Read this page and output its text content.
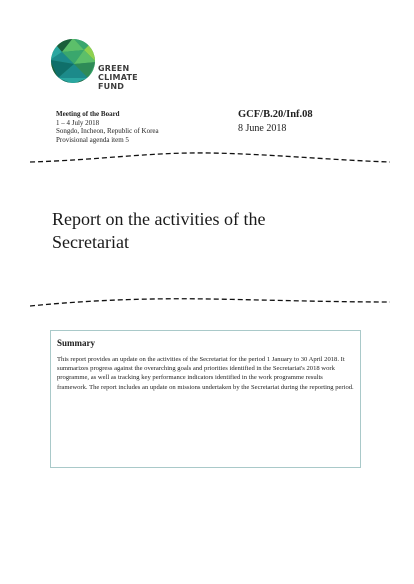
GREEN
CLIMATE
FUND
Meeting of the Board
1 – 4 July 2018
Songdo, Incheon, Republic of Korea
Provisional agenda item 5
GCF/B.20/Inf.08
8 June 2018
Report on the activities of the
Secretariat
Summary
This report provides an update on the activities of the Secretariat for the period 1 January to 30 April 2018. It summarizes progress against the overarching goals and priorities identified in the Secretariat's 2018 work programme, as well as tracking key performance indicators identified in the work programme results framework. The report includes an update on missions undertaken by the Secretariat during the reporting period.
